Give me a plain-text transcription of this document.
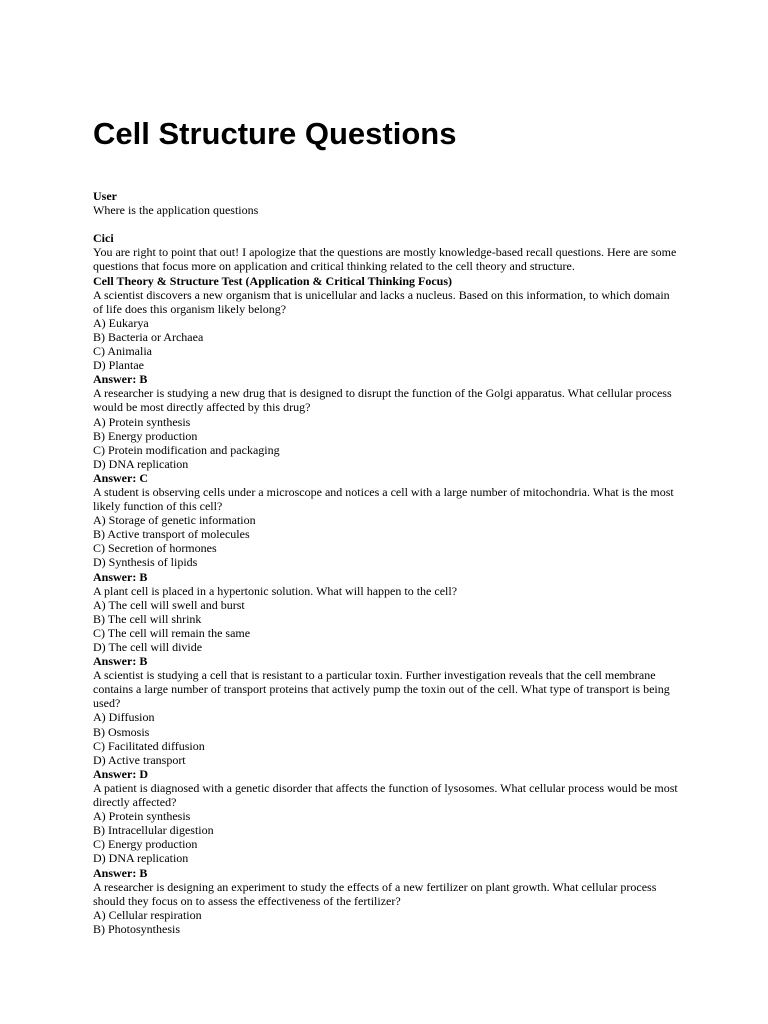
Cell Structure Questions
User
Where is the application questions
Cici
You are right to point that out! I apologize that the questions are mostly knowledge-based recall questions. Here are some questions that focus more on application and critical thinking related to the cell theory and structure.
Cell Theory & Structure Test (Application & Critical Thinking Focus)
A scientist discovers a new organism that is unicellular and lacks a nucleus. Based on this information, to which domain of life does this organism likely belong?
A) Eukarya
B) Bacteria or Archaea
C) Animalia
D) Plantae
Answer: B
A researcher is studying a new drug that is designed to disrupt the function of the Golgi apparatus. What cellular process would be most directly affected by this drug?
A) Protein synthesis
B) Energy production
C) Protein modification and packaging
D) DNA replication
Answer: C
A student is observing cells under a microscope and notices a cell with a large number of mitochondria. What is the most likely function of this cell?
A) Storage of genetic information
B) Active transport of molecules
C) Secretion of hormones
D) Synthesis of lipids
Answer: B
A plant cell is placed in a hypertonic solution. What will happen to the cell?
A) The cell will swell and burst
B) The cell will shrink
C) The cell will remain the same
D) The cell will divide
Answer: B
A scientist is studying a cell that is resistant to a particular toxin. Further investigation reveals that the cell membrane contains a large number of transport proteins that actively pump the toxin out of the cell. What type of transport is being used?
A) Diffusion
B) Osmosis
C) Facilitated diffusion
D) Active transport
Answer: D
A patient is diagnosed with a genetic disorder that affects the function of lysosomes. What cellular process would be most directly affected?
A) Protein synthesis
B) Intracellular digestion
C) Energy production
D) DNA replication
Answer: B
A researcher is designing an experiment to study the effects of a new fertilizer on plant growth. What cellular process should they focus on to assess the effectiveness of the fertilizer?
A) Cellular respiration
B) Photosynthesis
